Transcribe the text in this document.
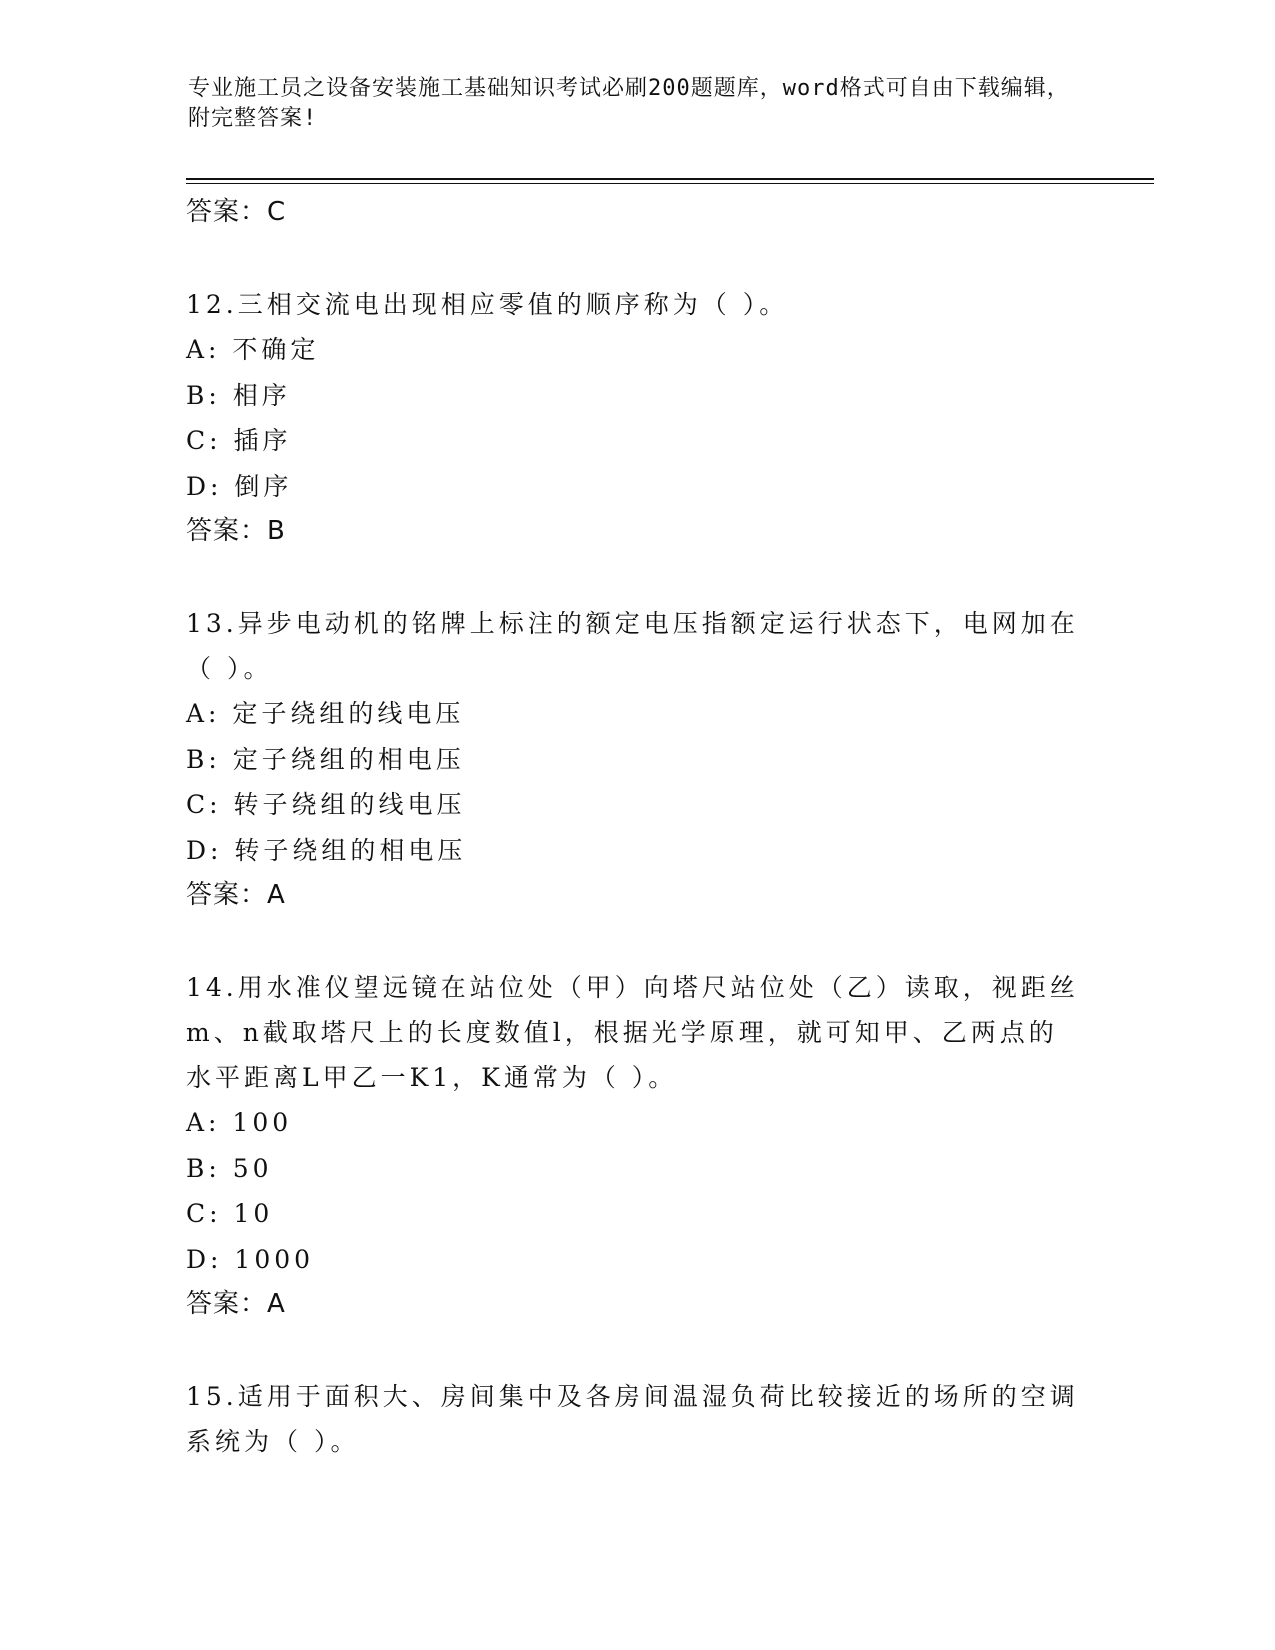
专业施工员之设备安装施工基础知识考试必刷200题题库，word格式可自由下载编辑，附完整答案!
答案：C
12.三相交流电出现相应零值的顺序称为（ ）。
A: 不确定
B: 相序
C: 插序
D: 倒序
答案：B
13.异步电动机的铭牌上标注的额定电压指额定运行状态下，电网加在（ ）。
A: 定子绕组的线电压
B: 定子绕组的相电压
C: 转子绕组的线电压
D: 转子绕组的相电压
答案：A
14.用水准仪望远镜在站位处（甲）向塔尺站位处（乙）读取，视距丝m、n截取塔尺上的长度数值l，根据光学原理，就可知甲、乙两点的水平距离L甲乙一K1，K通常为（ ）。
A: 100
B: 50
C: 10
D: 1000
答案：A
15.适用于面积大、房间集中及各房间温湿负荷比较接近的场所的空调系统为（ ）。
